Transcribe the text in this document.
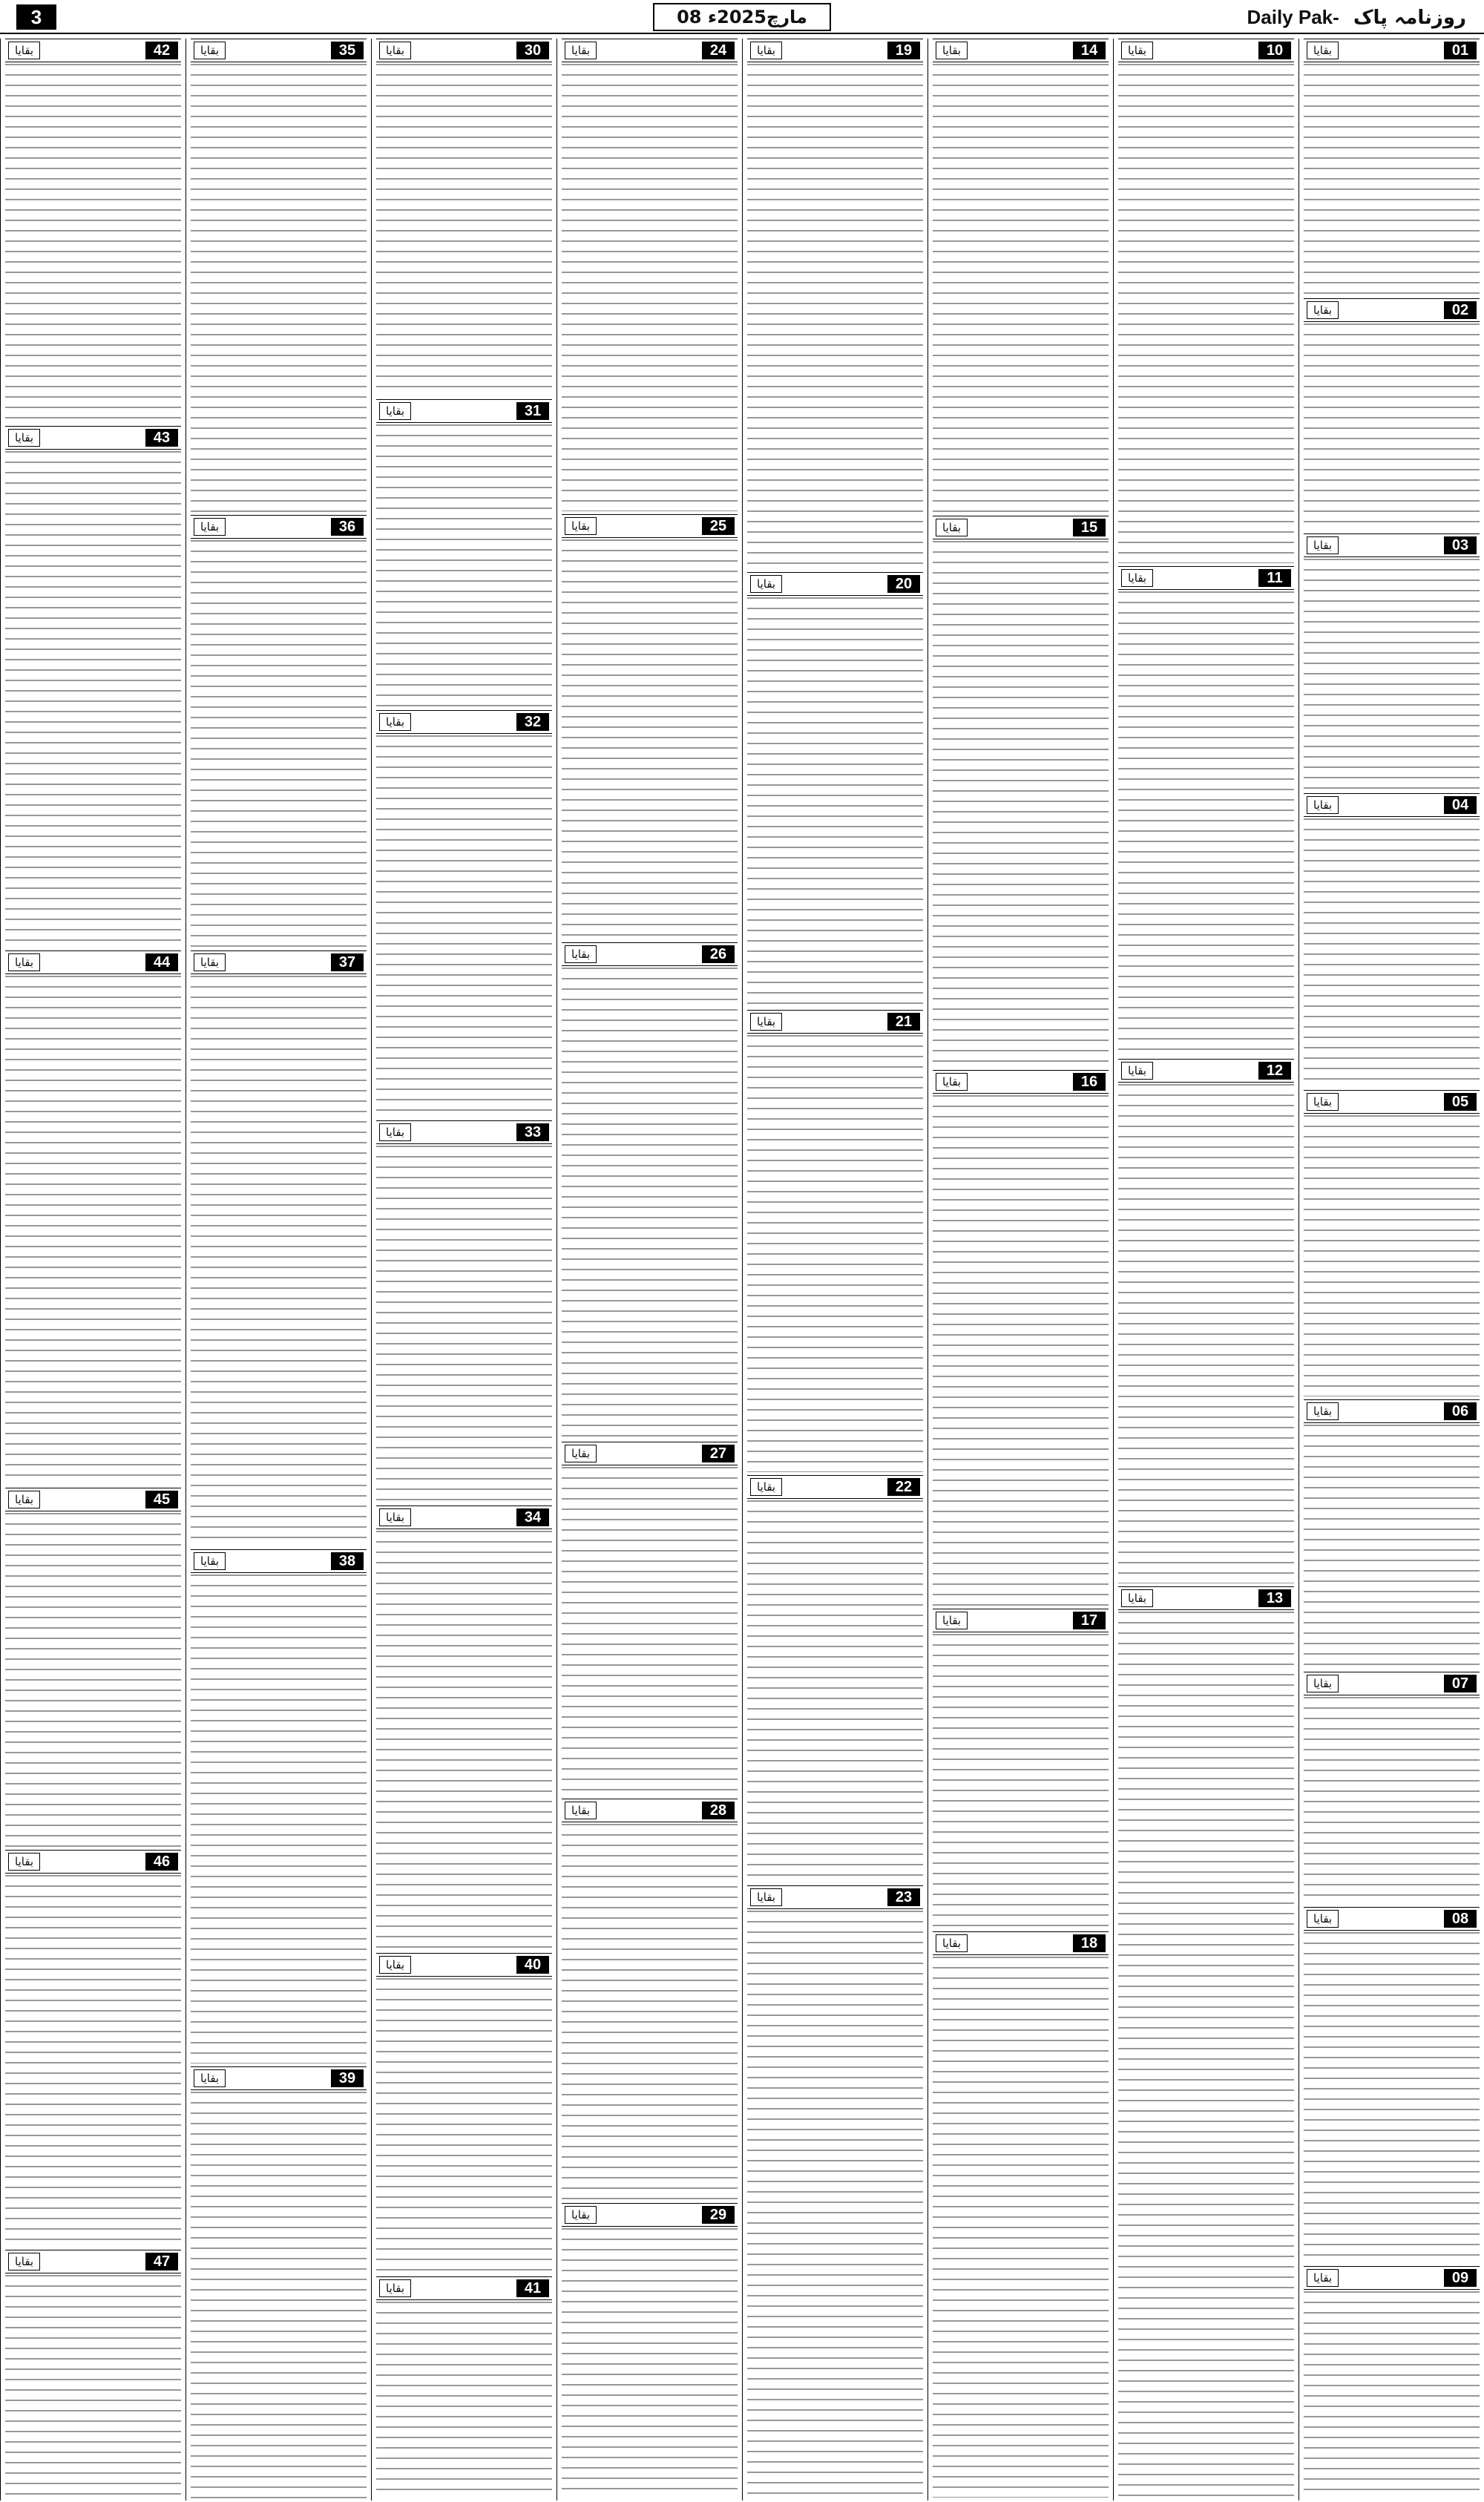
3	08 مارچ2025ء	Daily Pak- روزنامہ پاک
01
بقایا
02
بقایا
03
بقایا
04
بقایا
05
بقایا
06
بقایا
07
بقایا
08
بقایا
09
بقایا
10
بقایا
11
بقایا
12
بقایا
13
بقایا
14
بقایا
15
بقایا
16
بقایا
17
بقایا
18
بقایا
19
بقایا
20
بقایا
21
بقایا
22
بقایا
23
بقایا
24
بقایا
25
بقایا
26
بقایا
27
بقایا
28
بقایا
29
بقایا
30
بقایا
31
بقایا
32
بقایا
33
بقایا
34
بقایا
40
بقایا
41
بقایا
35
بقایا
36
بقایا
37
بقایا
38
بقایا
39
بقایا
42
بقایا
43
بقایا
44
بقایا
45
بقایا
46
بقایا
47
بقایا
